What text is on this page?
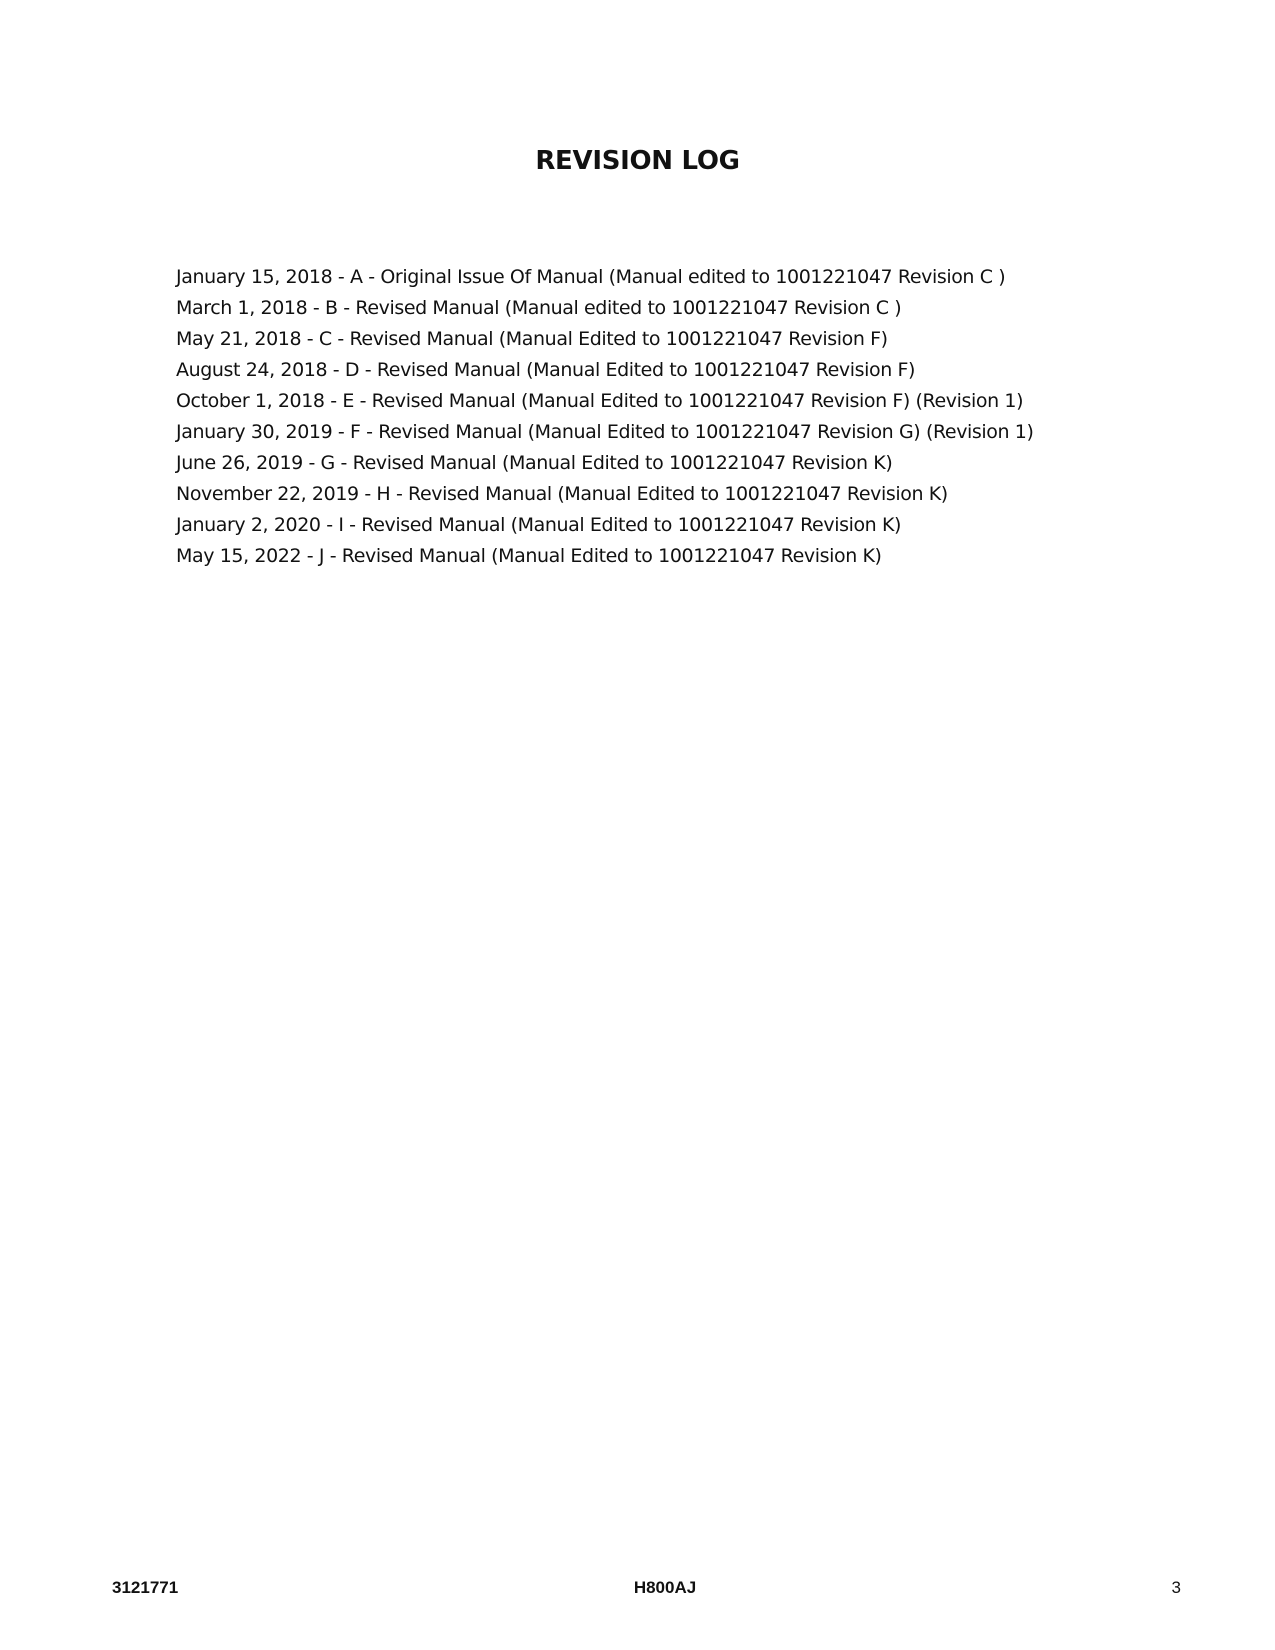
REVISION LOG
January 15, 2018 - A - Original Issue Of Manual (Manual edited to 1001221047 Revision C )
March 1, 2018 - B - Revised Manual (Manual edited to 1001221047 Revision C )
May 21, 2018 - C - Revised Manual (Manual Edited to 1001221047 Revision F)
August 24, 2018 - D - Revised Manual (Manual Edited to 1001221047 Revision F)
October 1, 2018 - E - Revised Manual (Manual Edited to 1001221047 Revision F) (Revision 1)
January 30, 2019 - F - Revised Manual (Manual Edited to 1001221047 Revision G) (Revision 1)
June 26, 2019 - G - Revised Manual (Manual Edited to 1001221047 Revision K)
November 22, 2019 - H - Revised Manual (Manual Edited to 1001221047 Revision K)
January 2, 2020 - I - Revised Manual (Manual Edited to 1001221047 Revision K)
May 15, 2022 - J - Revised Manual (Manual Edited to 1001221047 Revision K)
3121771	H800AJ	3
